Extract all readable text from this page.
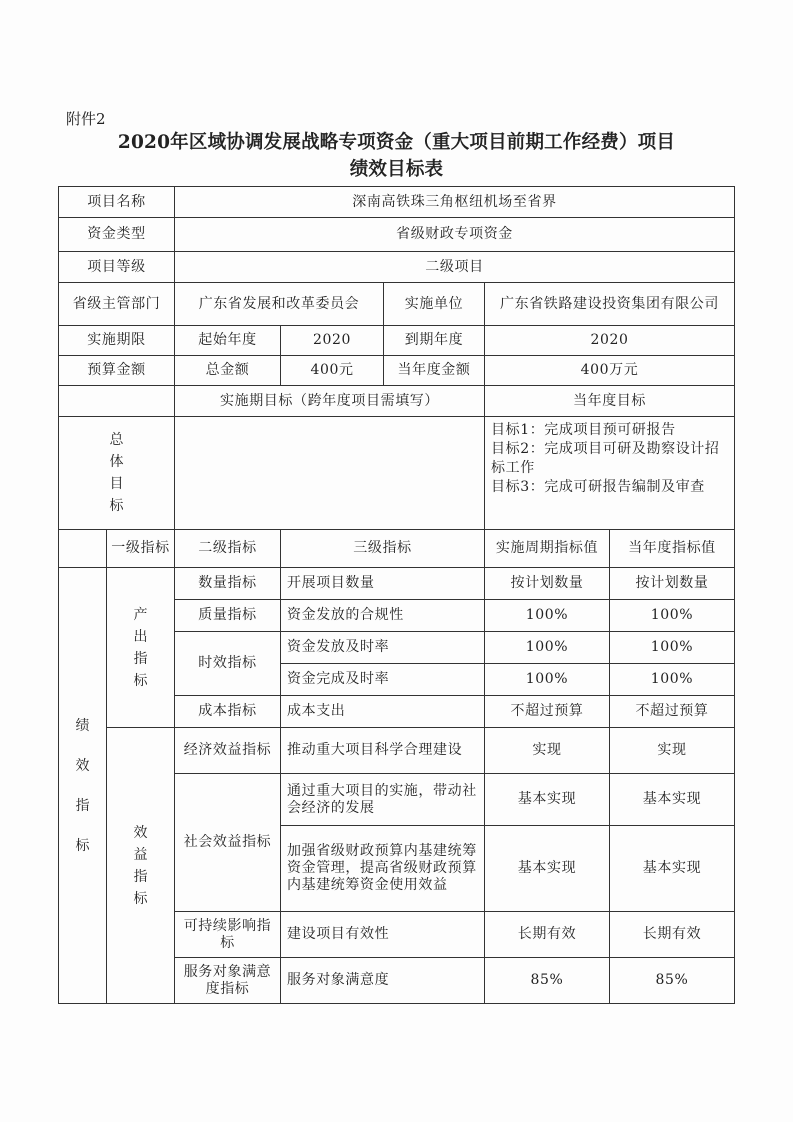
附件2
2020年区域协调发展战略专项资金（重大项目前期工作经费）项目
绩效目标表
项目名称		深南高铁珠三角枢纽机场至省界				
资金类型		省级财政专项资金				
项目等级		二级项目				
省级主管部门		广东省发展和改革委员会		实施单位	广东省铁路建设投资集团有限公司	
实施期限		起始年度	2020	到期年度	2020	
预算金额		总金额	400元	当年度金额	400万元	
		实施期目标（跨年度项目需填写）			当年度目标	
总体目标					目标1：完成项目预可研报告
目标2：完成项目可研及勘察设计招标工作
目标3：完成可研报告编制及审查	

	一级指标	二级指标	三级指标		实施周期指标值	当年度指标值
绩效指标	产出指标	数量指标	开展项目数量		按计划数量	按计划数量
		质量指标	资金发放的合规性		100%	100%
		时效指标	资金发放及时率		100%	100%
			资金完成及时率		100%	100%
		成本指标	成本支出		不超过预算	不超过预算
	效益指标	经济效益指标	推动重大项目科学合理建设		实现	实现
		社会效益指标	通过重大项目的实施，带动社会经济的发展		基本实现	基本实现
			加强省级财政预算内基建统筹资金管理，提高省级财政预算内基建统筹资金使用效益		基本实现	基本实现
		可持续影响指标	建设项目有效性		长期有效	长期有效
		服务对象满意度指标	服务对象满意度		85%	85%
